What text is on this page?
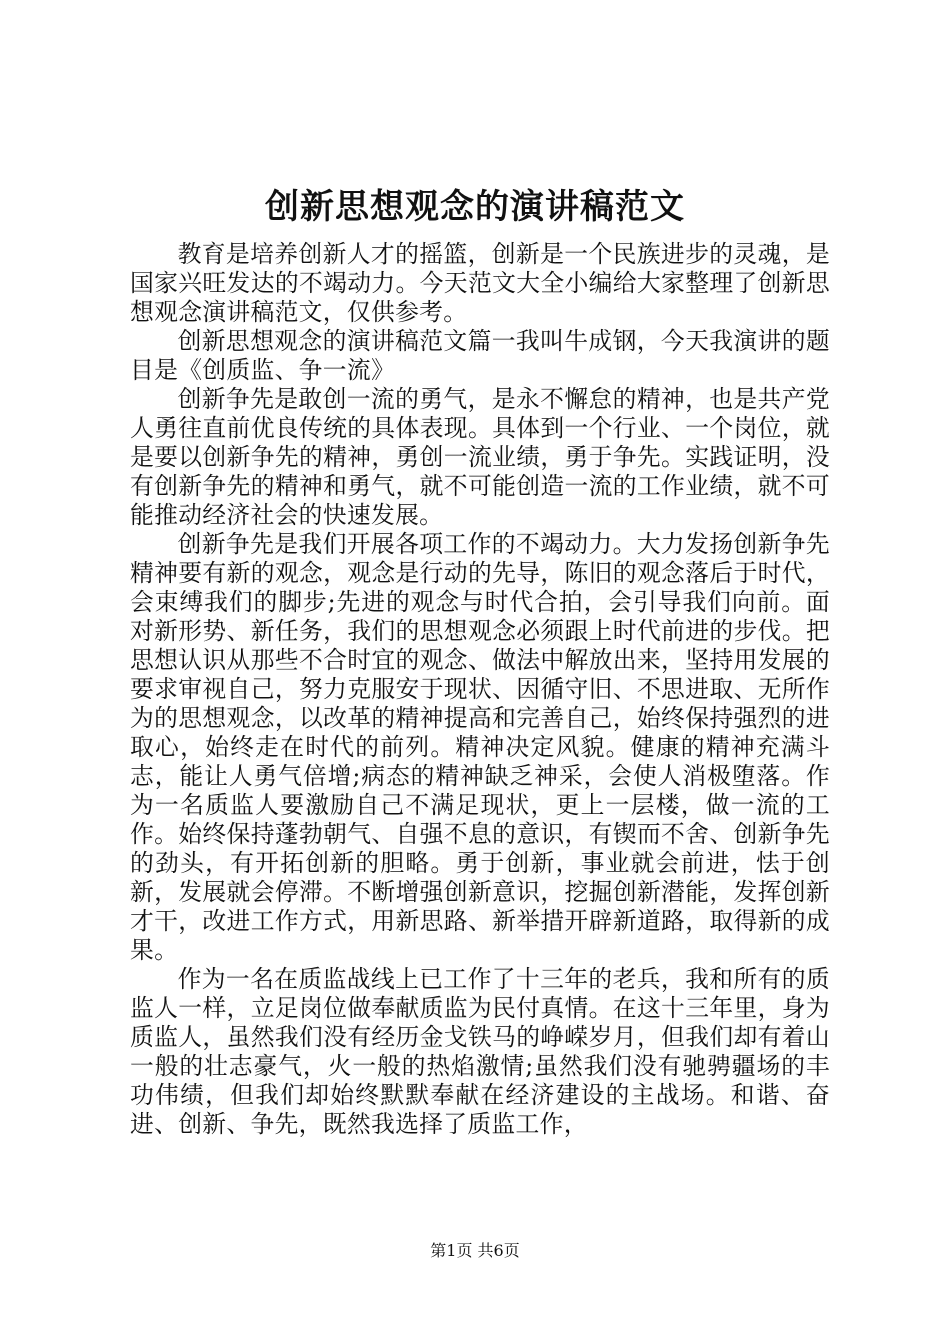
创新思想观念的演讲稿范文

教育是培养创新人才的摇篮，创新是一个民族进步的灵魂，是国家兴旺发达的不竭动力。今天范文大全小编给大家整理了创新思想观念演讲稿范文，仅供参考。

创新思想观念的演讲稿范文篇一我叫牛成钢，今天我演讲的题目是《创质监、争一流》

创新争先是敢创一流的勇气，是永不懈怠的精神，也是共产党人勇往直前优良传统的具体表现。具体到一个行业、一个岗位，就是要以创新争先的精神，勇创一流业绩，勇于争先。实践证明，没有创新争先的精神和勇气，就不可能创造一流的工作业绩，就不可能推动经济社会的快速发展。

创新争先是我们开展各项工作的不竭动力。大力发扬创新争先精神要有新的观念，观念是行动的先导，陈旧的观念落后于时代，会束缚我们的脚步;先进的观念与时代合拍，会引导我们向前。面对新形势、新任务，我们的思想观念必须跟上时代前进的步伐。把思想认识从那些不合时宜的观念、做法中解放出来，坚持用发展的要求审视自己，努力克服安于现状、因循守旧、不思进取、无所作为的思想观念，以改革的精神提高和完善自己，始终保持强烈的进取心，始终走在时代的前列。精神决定风貌。健康的精神充满斗志，能让人勇气倍增;病态的精神缺乏神采，会使人消极堕落。作为一名质监人要激励自己不满足现状，更上一层楼，做一流的工作。始终保持蓬勃朝气、自强不息的意识，有锲而不舍、创新争先的劲头，有开拓创新的胆略。勇于创新，事业就会前进，怯于创新，发展就会停滞。不断增强创新意识，挖掘创新潜能，发挥创新才干，改进工作方式，用新思路、新举措开辟新道路，取得新的成果。

作为一名在质监战线上已工作了十三年的老兵，我和所有的质监人一样，立足岗位做奉献质监为民付真情。在这十三年里，身为质监人，虽然我们没有经历金戈铁马的峥嵘岁月，但我们却有着山一般的壮志豪气，火一般的热焰激情;虽然我们没有驰骋疆场的丰功伟绩，但我们却始终默默奉献在经济建设的主战场。和谐、奋进、创新、争先，既然我选择了质监工作，

第1页 共6页
